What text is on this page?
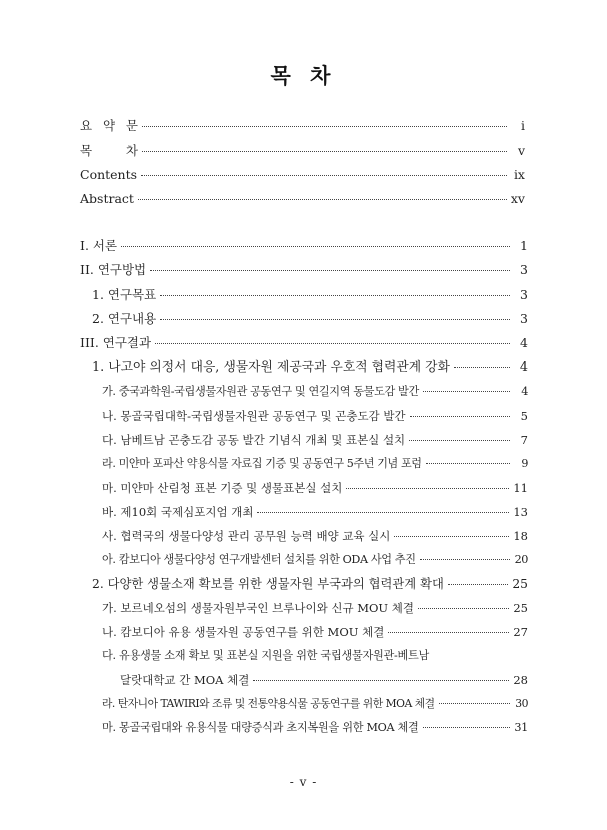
목 차
요 약 문	i
목 차	v
Contents	ix
Abstract	xv
I. 서론	1
II. 연구방법	3
1. 연구목표	3
2. 연구내용	3
III. 연구결과	4
1. 나고야 의정서 대응, 생물자원 제공국과 우호적 협력관계 강화	4
가. 중국과학원-국립생물자원관 공동연구 및 연길지역 동물도감 발간	4
나. 몽골국립대학-국립생물자원관 공동연구 및 곤충도감 발간	5
다. 남베트남 곤충도감 공동 발간 기념식 개최 및 표본실 설치	7
라. 미얀마 포파산 약용식물 자료집 기증 및 공동연구 5주년 기념 포럼	9
마. 미얀마 산림청 표본 기증 및 생물표본실 설치	11
바. 제10회 국제심포지엄 개최	13
사. 협력국의 생물다양성 관리 공무원 능력 배양 교육 실시	18
아. 캄보디아 생물다양성 연구개발센터 설치를 위한 ODA 사업 추진	20
2. 다양한 생물소재 확보를 위한 생물자원 부국과의 협력관계 확대	25
가. 보르네오섬의 생물자원부국인 브루나이와 신규 MOU 체결	25
나. 캄보디아 유용 생물자원 공동연구를 위한 MOU 체결	27
다. 유용생물 소재 확보 및 표본실 지원을 위한 국립생물자원관-베트남
달랏대학교 간 MOA 체결	28
라. 탄자니아 TAWIRI와 조류 및 전통약용식물 공동연구를 위한 MOA 체결	30
마. 몽골국립대와 유용식물 대량증식과 초지복원을 위한 MOA 체결	31
- v -
